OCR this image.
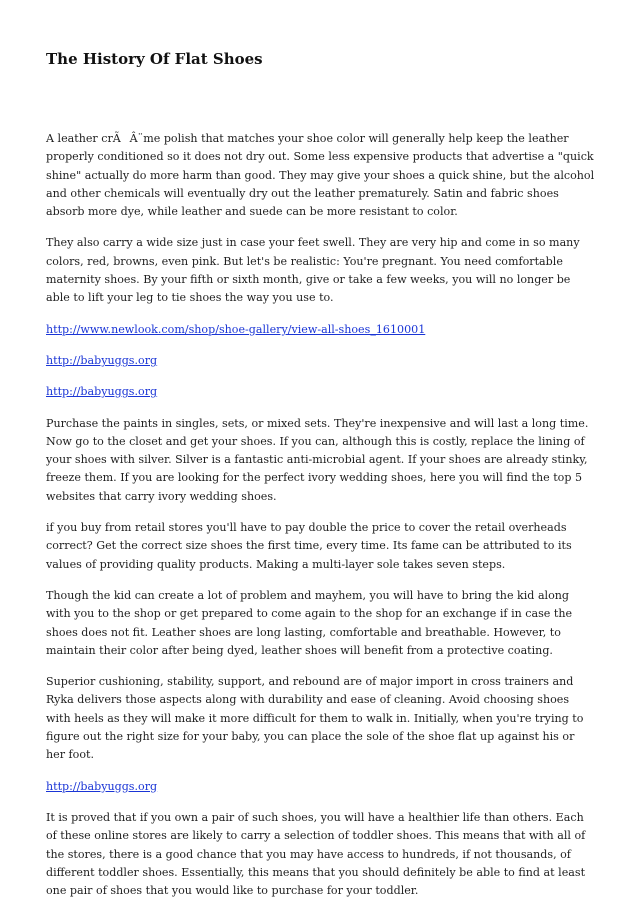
The History Of Flat Shoes

A leather crÃÂ¨me polish that matches your shoe color will generally help keep the leather properly conditioned so it does not dry out. Some less expensive products that advertise a "quick shine" actually do more harm than good. They may give your shoes a quick shine, but the alcohol and other chemicals will eventually dry out the leather prematurely. Satin and fabric shoes absorb more dye, while leather and suede can be more resistant to color.

They also carry a wide size just in case your feet swell. They are very hip and come in so many colors, red, browns, even pink. But let's be realistic: You're pregnant. You need comfortable maternity shoes. By your fifth or sixth month, give or take a few weeks, you will no longer be able to lift your leg to tie shoes the way you use to.

http://www.newlook.com/shop/shoe-gallery/view-all-shoes_1610001

http://babyuggs.org

http://babyuggs.org

Purchase the paints in singles, sets, or mixed sets. They're inexpensive and will last a long time. Now go to the closet and get your shoes. If you can, although this is costly, replace the lining of your shoes with silver. Silver is a fantastic anti-microbial agent. If your shoes are already stinky, freeze them. If you are looking for the perfect ivory wedding shoes, here you will find the top 5 websites that carry ivory wedding shoes.

if you buy from retail stores you'll have to pay double the price to cover the retail overheads correct? Get the correct size shoes the first time, every time. Its fame can be attributed to its values of providing quality products. Making a multi-layer sole takes seven steps.

Though the kid can create a lot of problem and mayhem, you will have to bring the kid along with you to the shop or get prepared to come again to the shop for an exchange if in case the shoes does not fit. Leather shoes are long lasting, comfortable and breathable. However, to maintain their color after being dyed, leather shoes will benefit from a protective coating.

Superior cushioning, stability, support, and rebound are of major import in cross trainers and Ryka delivers those aspects along with durability and ease of cleaning. Avoid choosing shoes with heels as they will make it more difficult for them to walk in. Initially, when you're trying to figure out the right size for your baby, you can place the sole of the shoe flat up against his or her foot.

http://babyuggs.org

It is proved that if you own a pair of such shoes, you will have a healthier life than others. Each of these online stores are likely to carry a selection of toddler shoes. This means that with all of the stores, there is a good chance that you may have access to hundreds, if not thousands, of different toddler shoes. Essentially, this means that you should definitely be able to find at least one pair of shoes that you would like to purchase for your toddler.
